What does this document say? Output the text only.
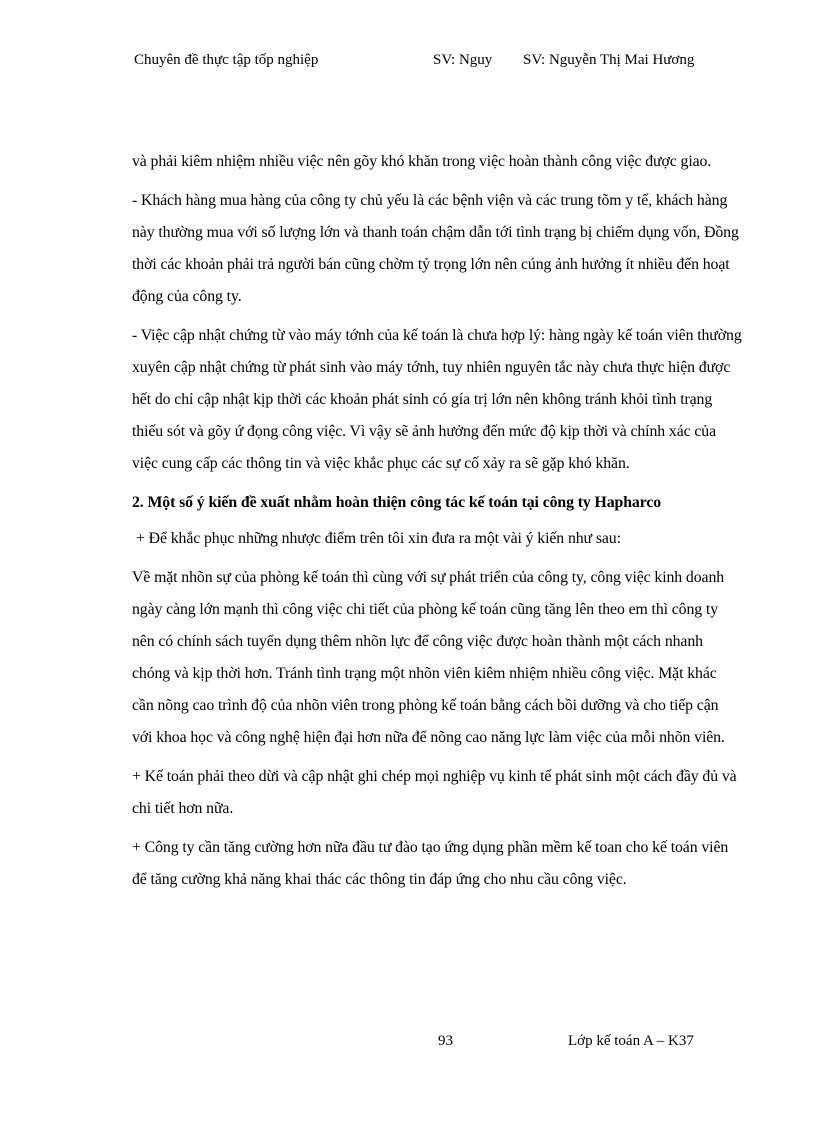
Chuyên đề thực tập tốp nghiệp	SV: Nguy SV: Nguyễn Thị Mai Hương

và phải kiêm nhiệm nhiều việc nên gõy khó khăn trong việc hoàn thành công việc được giao.

- Khách hàng mua hàng của công ty chủ yếu là các bệnh viện và các trung tõm y tế, khách hàng này thường mua với số lượng lớn và thanh toán chậm dẫn tới tình trạng bị chiếm dụng vốn, Đồng thời các khoản phải trả người bán cũng chờm tỷ trọng lớn nên cúng ảnh hưởng ít nhiều đến hoạt động của công ty.

- Việc cập nhật chứng từ vào máy tớnh của kế toán là chưa hợp lý: hàng ngày kế toán viên thường xuyên cập nhật chứng từ phát sinh vào máy tớnh, tuy nhiên nguyên tắc này chưa thực hiện được hết do chỉ cập nhật kịp thời các khoản phát sinh có gía trị lớn nên không tránh khỏi tình trạng thiếu sót và gõy ứ đọng công việc. Vì vậy sẽ ảnh hưởng đến mức độ kịp thời và chính xác của việc cung cấp các thông tin và việc khắc phục các sự cố xảy ra sẽ gặp khó khăn.

2. Một số ý kiến đề xuất nhằm hoàn thiện công tác kế toán tại công ty Hapharco

+ Để khắc phục những nhược điểm trên tôi xin đưa ra một vài ý kiến như sau:

Về mặt nhõn sự của phòng kế toán thì cùng với sự phát triển của công ty, công việc kinh doanh ngày càng lớn mạnh thì công việc chi tiết của phòng kế toán cũng tăng lên theo em thì công ty nên có chính sách tuyển dụng thêm nhõn lực để công việc được hoàn thành một cách nhanh chóng và kịp thời hơn. Tránh tình trạng một nhõn viên kiêm nhiệm nhiều công việc. Mặt khác cần nõng cao trình độ của nhõn viên trong phòng kế toán bằng cách bồi dưỡng và cho tiếp cận với khoa học và công nghệ hiện đại hơn nữa để nõng cao năng lực làm việc của mỗi nhõn viên.

+ Kế toán phải theo dừi và cập nhật ghi chép mọi nghiệp vụ kinh tế phát sinh một cách đầy đủ và chi tiết hơn nữa.

+ Công ty cần tăng cường hơn nữa đầu tư đào tạo ứng dụng phần mềm kế toan cho kế toán viên để tăng cường khả năng khai thác các thông tin đáp ứng cho nhu cầu công việc.

93	Lớp kế toán A – K37
